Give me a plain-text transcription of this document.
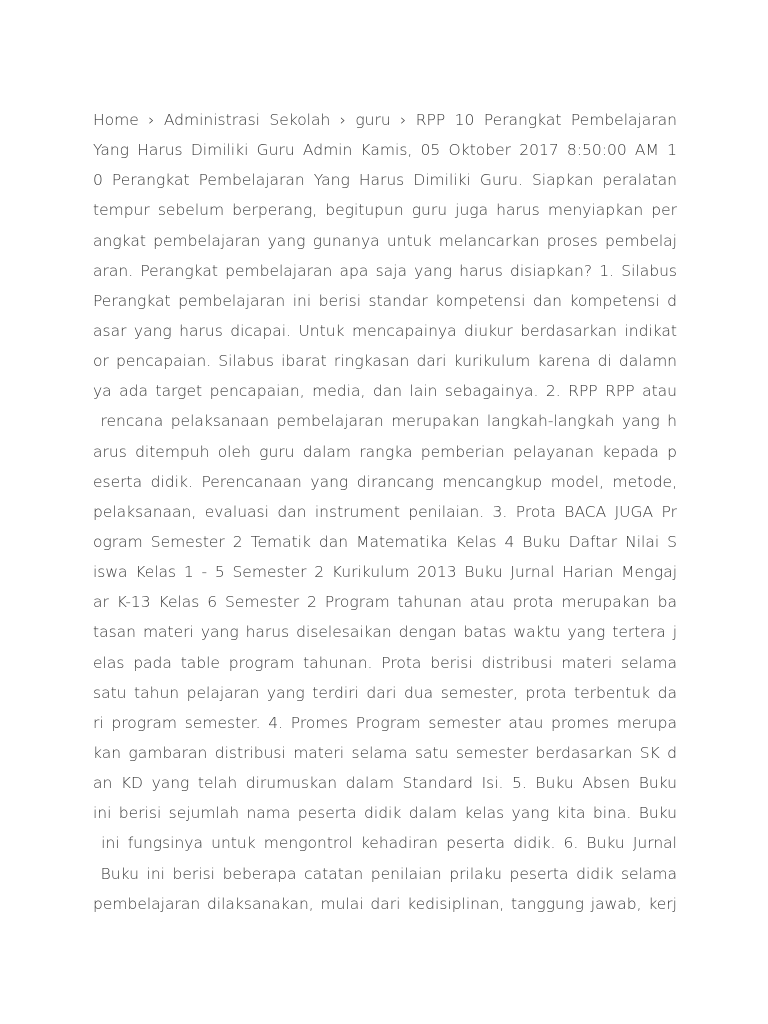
Home › Administrasi Sekolah › guru › RPP 10 Perangkat Pembelajaran
Yang Harus Dimiliki Guru Admin Kamis, 05 Oktober 2017 8:50:00 AM 1
0 Perangkat Pembelajaran Yang Harus Dimiliki Guru. Siapkan peralatan
tempur sebelum berperang, begitupun guru juga harus menyiapkan per
angkat pembelajaran yang gunanya untuk melancarkan proses pembelaj
aran. Perangkat pembelajaran apa saja yang harus disiapkan? 1. Silabus
Perangkat pembelajaran ini berisi standar kompetensi dan kompetensi d
asar yang harus dicapai. Untuk mencapainya diukur berdasarkan indikat
or pencapaian. Silabus ibarat ringkasan dari kurikulum karena di dalamn
ya ada target pencapaian, media, dan lain sebagainya. 2. RPP RPP atau
rencana pelaksanaan pembelajaran merupakan langkah-langkah yang h
arus ditempuh oleh guru dalam rangka pemberian pelayanan kepada p
eserta didik. Perencanaan yang dirancang mencangkup model, metode,
pelaksanaan, evaluasi dan instrument penilaian. 3. Prota BACA JUGA Pr
ogram Semester 2 Tematik dan Matematika Kelas 4 Buku Daftar Nilai S
iswa Kelas 1 - 5 Semester 2 Kurikulum 2013 Buku Jurnal Harian Mengaj
ar K-13 Kelas 6 Semester 2 Program tahunan atau prota merupakan ba
tasan materi yang harus diselesaikan dengan batas waktu yang tertera j
elas pada table program tahunan. Prota berisi distribusi materi selama
satu tahun pelajaran yang terdiri dari dua semester, prota terbentuk da
ri program semester. 4. Promes Program semester atau promes merupa
kan gambaran distribusi materi selama satu semester berdasarkan SK d
an KD yang telah dirumuskan dalam Standard Isi. 5. Buku Absen Buku
ini berisi sejumlah nama peserta didik dalam kelas yang kita bina. Buku
ini fungsinya untuk mengontrol kehadiran peserta didik. 6. Buku Jurnal
Buku ini berisi beberapa catatan penilaian prilaku peserta didik selama
pembelajaran dilaksanakan, mulai dari kedisiplinan, tanggung jawab, kerj
